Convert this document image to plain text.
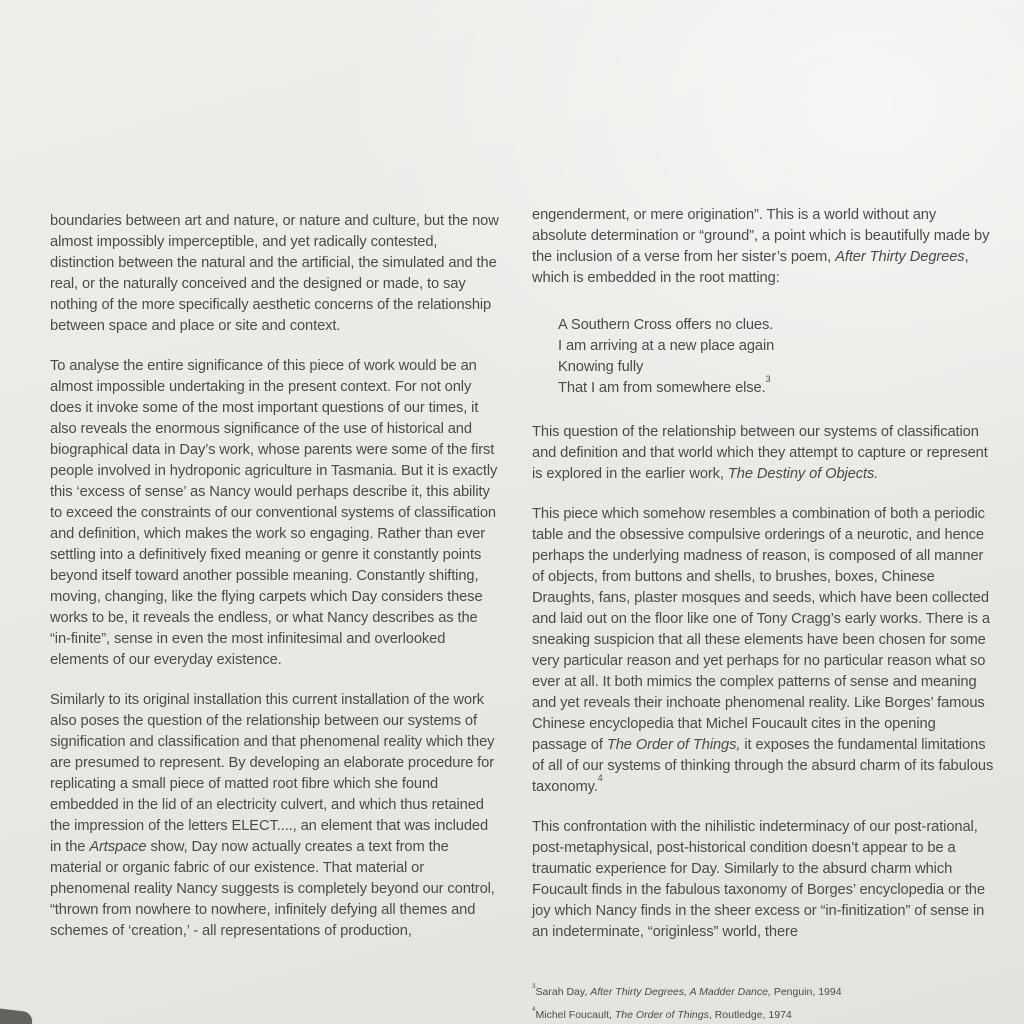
boundaries between art and nature, or nature and culture, but the now almost impossibly imperceptible, and yet radically contested, distinction between the natural and the artificial, the simulated and the real, or the naturally conceived and the designed or made, to say nothing of the more specifically aesthetic concerns of the relationship between space and place or site and context.

To analyse the entire significance of this piece of work would be an almost impossible undertaking in the present context. For not only does it invoke some of the most important questions of our times, it also reveals the enormous significance of the use of historical and biographical data in Day’s work, whose parents were some of the first people involved in hydroponic agriculture in Tasmania. But it is exactly this ‘excess of sense’ as Nancy would perhaps describe it, this ability to exceed the constraints of our conventional systems of classification and definition, which makes the work so engaging. Rather than ever settling into a definitively fixed meaning or genre it constantly points beyond itself toward another possible meaning. Constantly shifting, moving, changing, like the flying carpets which Day considers these works to be, it reveals the endless, or what Nancy describes as the “in-finite”, sense in even the most infinitesimal and overlooked elements of our everyday existence.

Similarly to its original installation this current installation of the work also poses the question of the relationship between our systems of signification and classification and that phenomenal reality which they are presumed to represent. By developing an elaborate procedure for replicating a small piece of matted root fibre which she found embedded in the lid of an electricity culvert, and which thus retained the impression of the letters ELECT...., an element that was included in the Artspace show, Day now actually creates a text from the material or organic fabric of our existence. That material or phenomenal reality Nancy suggests is completely beyond our control, “thrown from nowhere to nowhere, infinitely defying all themes and schemes of ‘creation,’ - all representations of production,

engenderment, or mere origination”. This is a world without any absolute determination or “ground”, a point which is beautifully made by the inclusion of a verse from her sister’s poem, After Thirty Degrees, which is embedded in the root matting:

A Southern Cross offers no clues.
I am arriving at a new place again
Knowing fully
That I am from somewhere else.$^3$

This question of the relationship between our systems of classification and definition and that world which they attempt to capture or represent is explored in the earlier work, The Destiny of Objects.

This piece which somehow resembles a combination of both a periodic table and the obsessive compulsive orderings of a neurotic, and hence perhaps the underlying madness of reason, is composed of all manner of objects, from buttons and shells, to brushes, boxes, Chinese Draughts, fans, plaster mosques and seeds, which have been collected and laid out on the floor like one of Tony Cragg’s early works. There is a sneaking suspicion that all these elements have been chosen for some very particular reason and yet perhaps for no particular reason what so ever at all. It both mimics the complex patterns of sense and meaning and yet reveals their inchoate phenomenal reality. Like Borges’ famous Chinese encyclopedia that Michel Foucault cites in the opening passage of The Order of Things, it exposes the fundamental limitations of all of our systems of thinking through the absurd charm of its fabulous taxonomy.$^4$

This confrontation with the nihilistic indeterminacy of our post-rational, post-metaphysical, post-historical condition doesn’t appear to be a traumatic experience for Day. Similarly to the absurd charm which Foucault finds in the fabulous taxonomy of Borges’ encyclopedia or the joy which Nancy finds in the sheer excess or “in-finitization” of sense in an indeterminate, “originless” world, there

$^3$Sarah Day, After Thirty Degrees, A Madder Dance, Penguin, 1994
$^4$Michel Foucault, The Order of Things, Routledge, 1974
